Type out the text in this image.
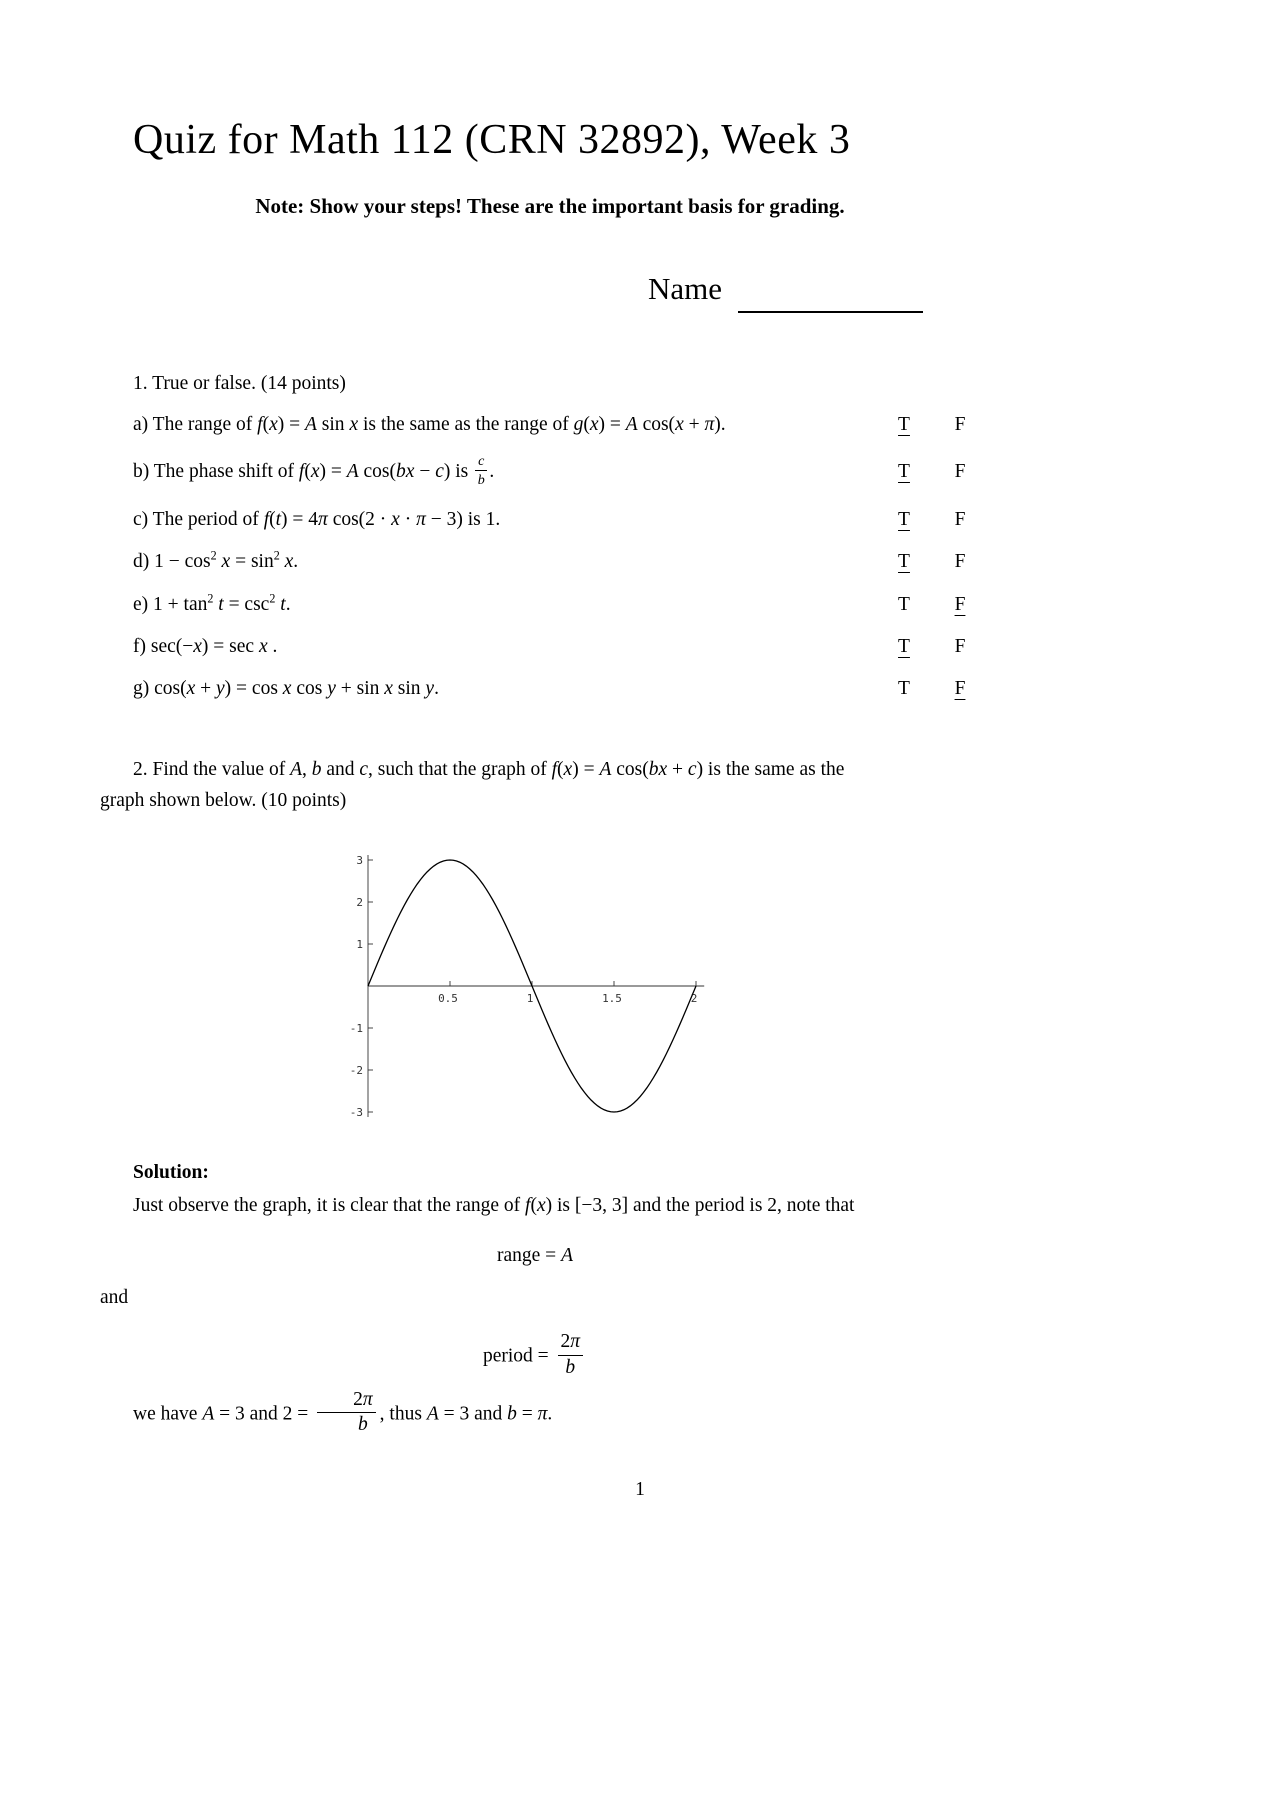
Quiz for Math 112 (CRN 32892), Week 3

Note: Show your steps! These are the important basis for grading.

Name

1. True or false. (14 points)

a) The range of f(x) = A sin x is the same as the range of g(x) = A cos(x + π).	T	F
b) The phase shift of f(x) = A cos(bx − c) is $\frac{c}{b}$ .	T	F
c) The period of f(t) = 4π cos(2 · x · π − 3) is 1.	T	F
d) $1 - \cos^2 x = \sin^2 x$.	T	F
e) $1 + \tan^2 t = \csc^2 t$.	T	F
f) sec(−x) = sec x .	T	F
g) cos(x + y) = cos x cos y + sin x sin y.	T	F

2. Find the value of A, b and c, such that the graph of f(x) = A cos(bx + c) is the same as the
graph shown below. (10 points)

0.5	1	1.5	2
3
2
1
-1
-2
-3

Solution:

Just observe the graph, it is clear that the range of f(x) is [−3, 3] and the period is 2, note that

range = A
and
period = $\frac{2\pi}{b}$

we have A = 3 and $2 = \frac{2\pi}{b}$ , thus A = 3 and b = π.

1
